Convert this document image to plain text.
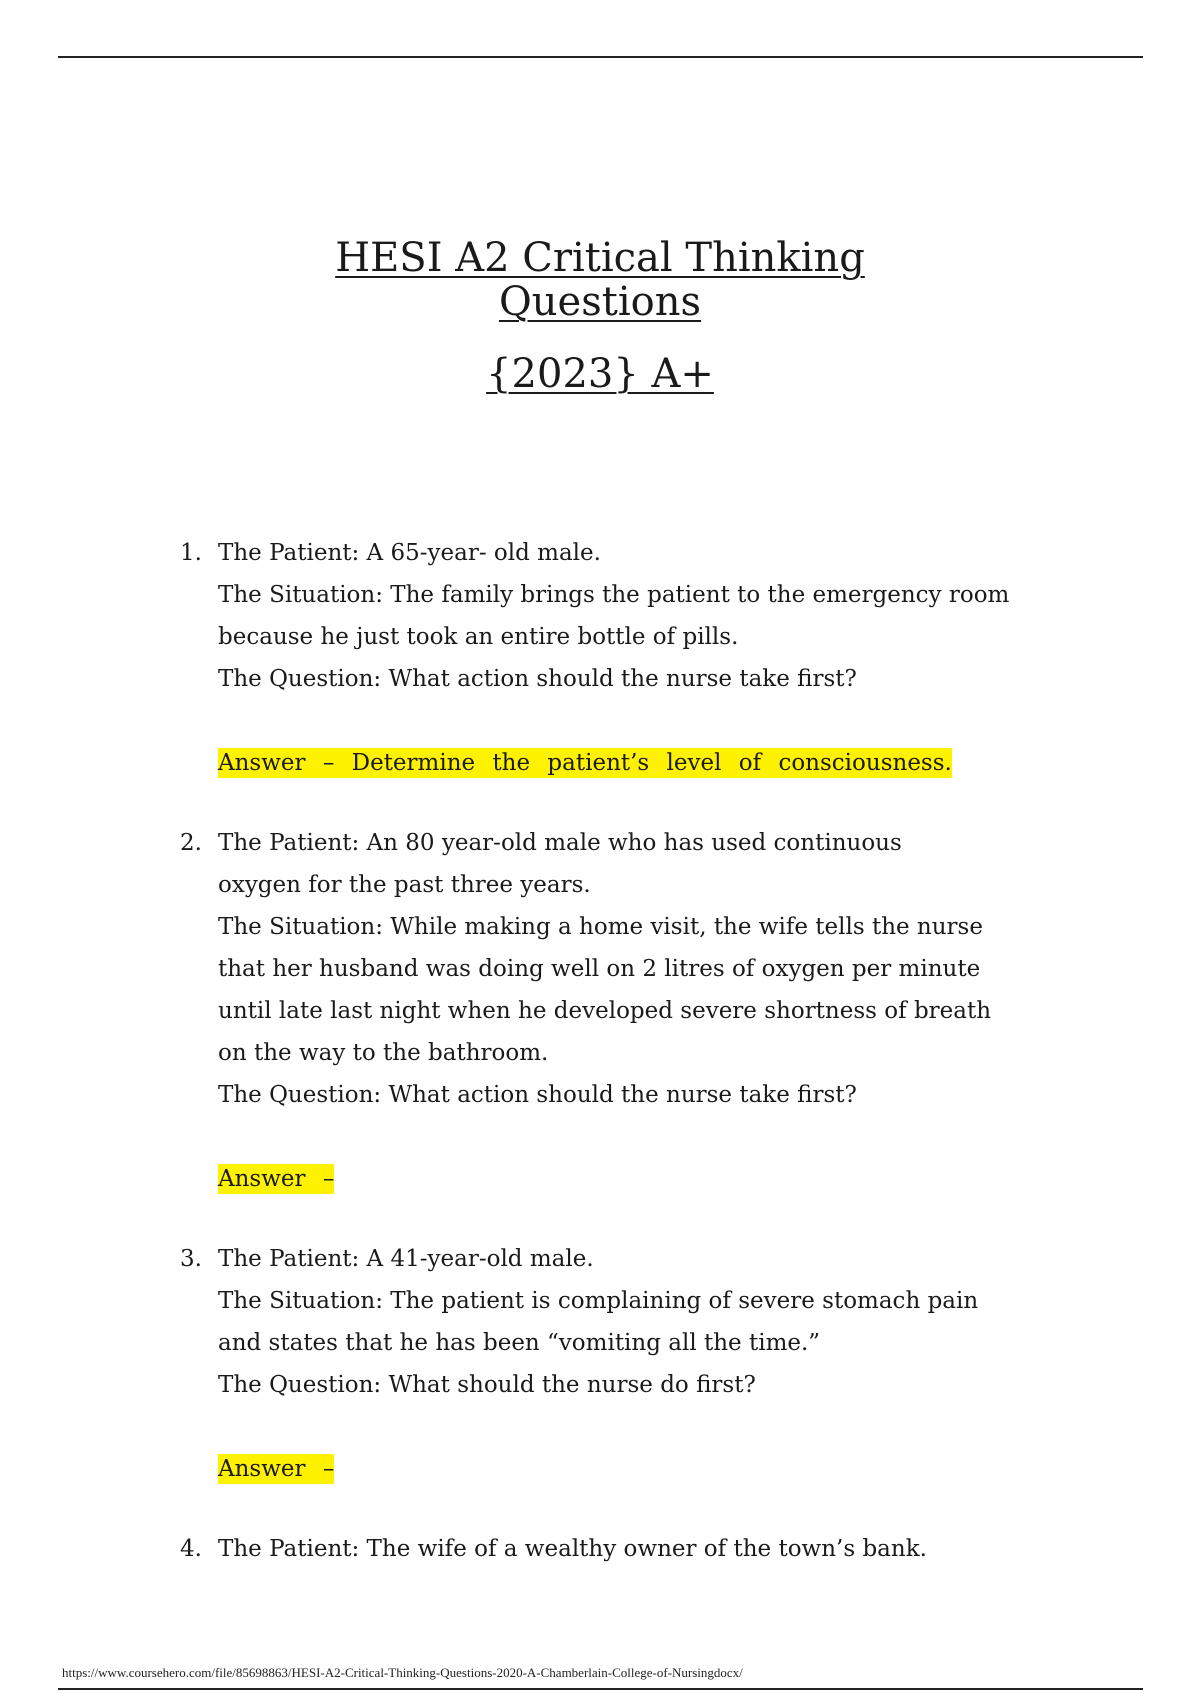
HESI A2 Critical Thinking
Questions
{2023} A+
1. The Patient: A 65-year- old male.
The Situation: The family brings the patient to the emergency room
because he just took an entire bottle of pills.
The Question: What action should the nurse take first?
Answer – Determine the patient’s level of consciousness.
2. The Patient: An 80 year-old male who has used continuous
oxygen for the past three years.
The Situation: While making a home visit, the wife tells the nurse
that her husband was doing well on 2 litres of oxygen per minute
until late last night when he developed severe shortness of breath
on the way to the bathroom.
The Question: What action should the nurse take first?
Answer –
3. The Patient: A 41-year-old male.
The Situation: The patient is complaining of severe stomach pain
and states that he has been “vomiting all the time.”
The Question: What should the nurse do first?
Answer –
4. The Patient: The wife of a wealthy owner of the town’s bank.
https://www.coursehero.com/file/85698863/HESI-A2-Critical-Thinking-Questions-2020-A-Chamberlain-College-of-Nursingdocx/
